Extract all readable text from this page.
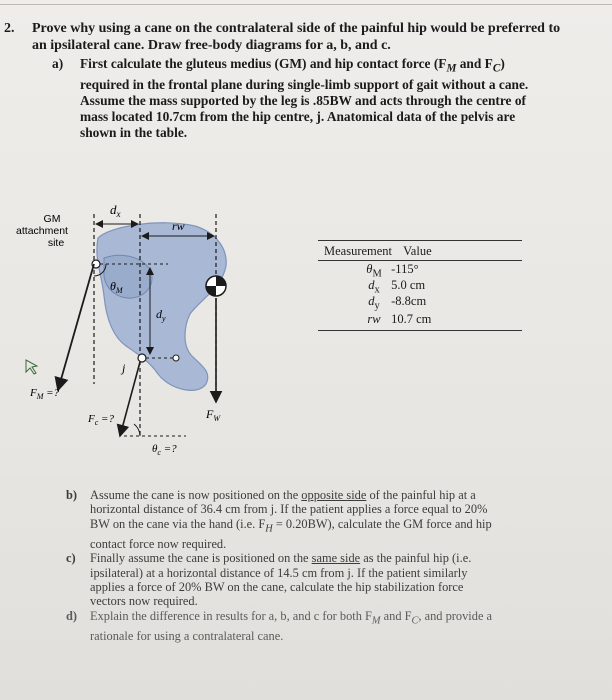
2. Prove why using a cane on the contralateral side of the painful hip would be preferred to
an ipsilateral cane. Draw free-body diagrams for a, b, and c.
a) First calculate the gluteus medius (GM) and hip contact force ($F_M$ and $F_C$)
required in the frontal plane during single-limb support of gait without a cane.
Assume the mass supported by the leg is .85BW and acts through the centre of
mass located 10.7cm from the hip centre, j. Anatomical data of the pelvis are
shown in the table.
GM
attachment
site
$d_x$
rw
$\theta_M$
$d_y$
j
$F_M$ =?
$F_c$ =?	$F_W$
$\theta_c$ =?
Measurement Value
$\theta_M$ -115°
$d_x$ 5.0 cm
$d_y$ -8.8cm
rw 10.7 cm
b) Assume the cane is now positioned on the opposite side of the painful hip at a
horizontal distance of 36.4 cm from j. If the patient applies a force equal to 20%
BW on the cane via the hand (i.e. $F_H = 0.20BW$), calculate the GM force and hip
contact force now required.
c) Finally assume the cane is positioned on the same side as the painful hip (i.e.
ipsilateral) at a horizontal distance of 14.5 cm from j. If the patient similarly
applies a force of 20% BW on the cane, calculate the hip stabilization force
vectors now required.
d) Explain the difference in results for a, b, and c for both $F_M$ and $F_C$, and provide a
rationale for using a contralateral cane.
